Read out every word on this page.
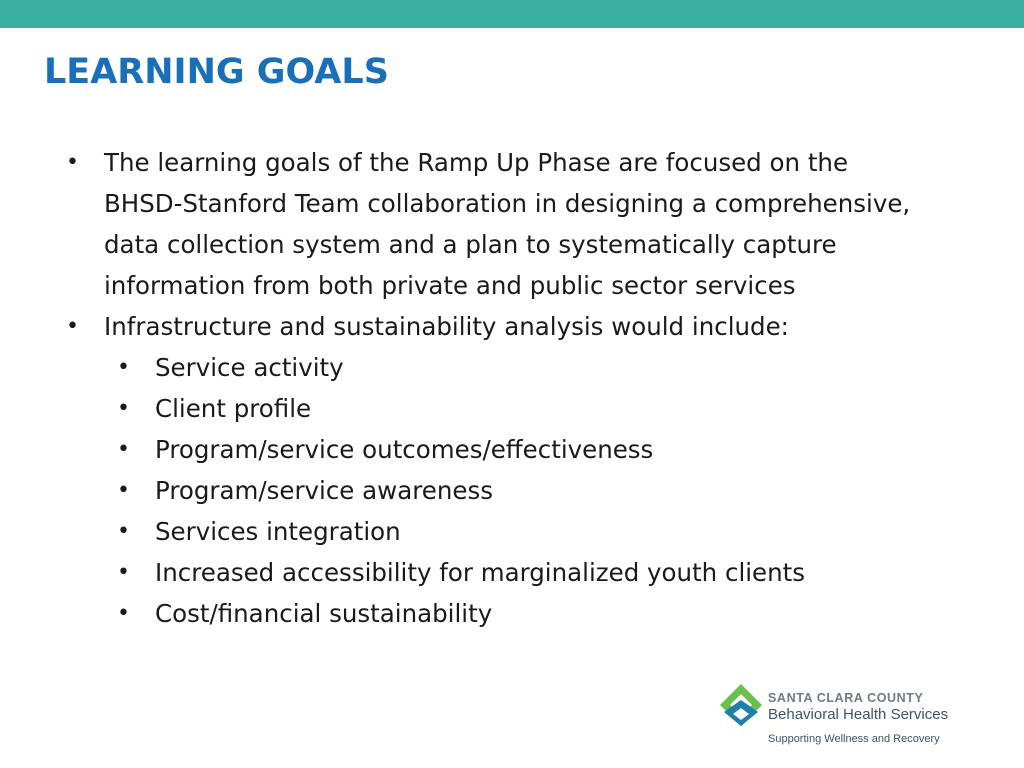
LEARNING GOALS
• The learning goals of the Ramp Up Phase are focused on the
BHSD-Stanford Team collaboration in designing a comprehensive,
data collection system and a plan to systematically capture
information from both private and public sector services
• Infrastructure and sustainability analysis would include:
• Service activity
• Client profile
• Program/service outcomes/effectiveness
• Program/service awareness
• Services integration
• Increased accessibility for marginalized youth clients
• Cost/financial sustainability
SANTA CLARA COUNTY
Behavioral Health Services
Supporting Wellness and Recovery
